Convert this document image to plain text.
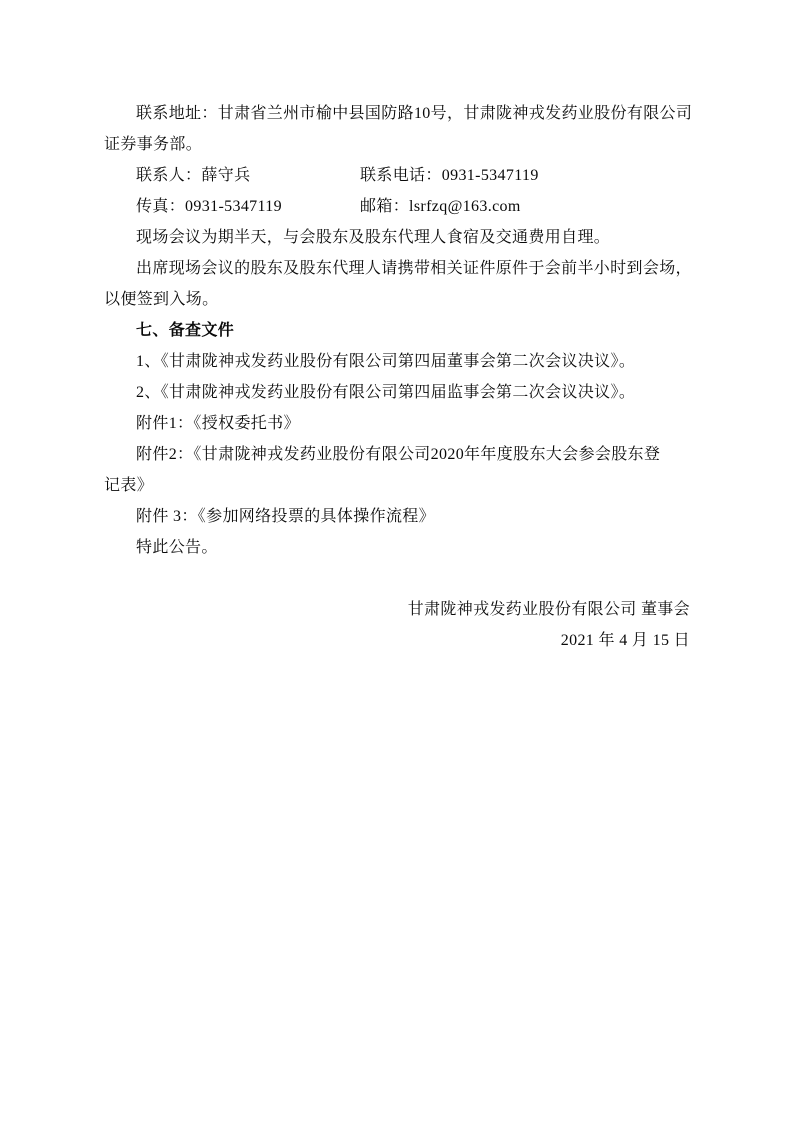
联系地址：甘肃省兰州市榆中县国防路10号，甘肃陇神戎发药业股份有限公司
证券事务部。
联系人：薛守兵	联系电话：0931-5347119
传真：0931-5347119	邮箱：lsrfzq@163.com
现场会议为期半天，与会股东及股东代理人食宿及交通费用自理。
出席现场会议的股东及股东代理人请携带相关证件原件于会前半小时到会场，
以便签到入场。
七、备查文件
1、《甘肃陇神戎发药业股份有限公司第四届董事会第二次会议决议》。
2、《甘肃陇神戎发药业股份有限公司第四届监事会第二次会议决议》。
附件1：《授权委托书》
附件2：《甘肃陇神戎发药业股份有限公司2020年年度股东大会参会股东登
记表》
附件 3：《参加网络投票的具体操作流程》
特此公告。
甘肃陇神戎发药业股份有限公司 董事会
2021 年 4 月 15 日
